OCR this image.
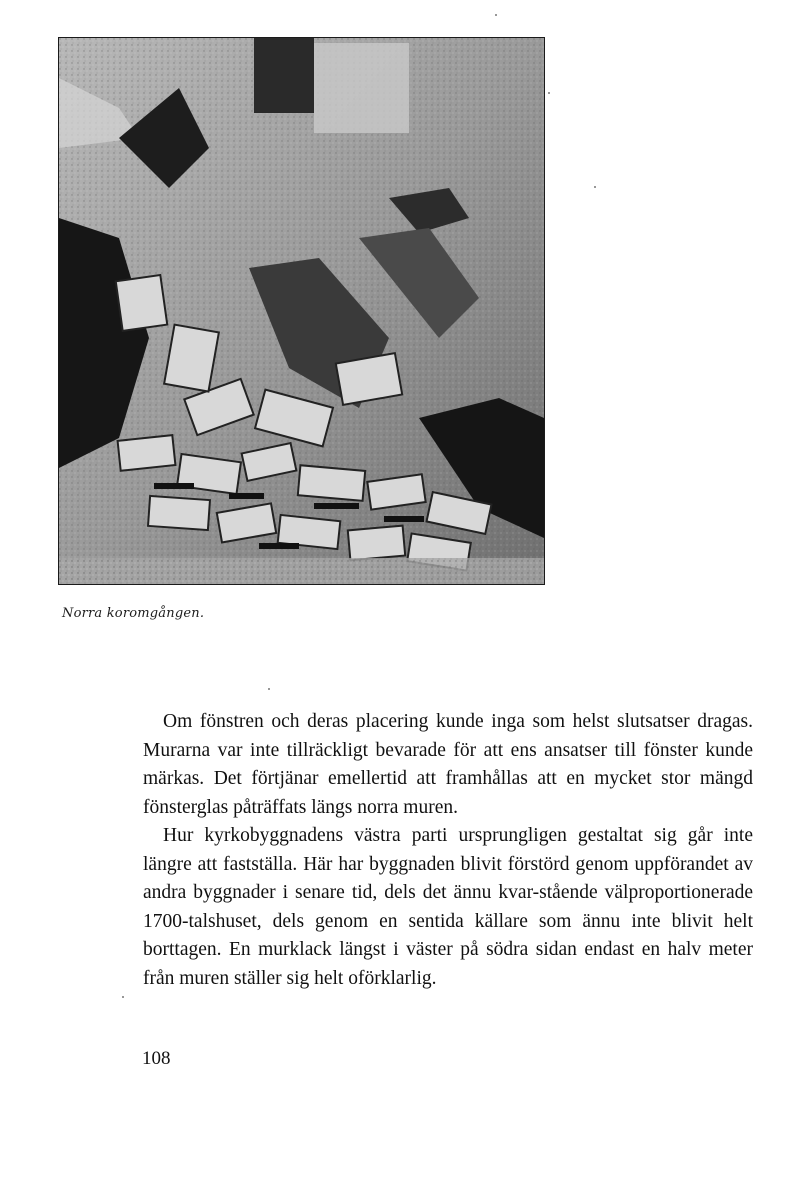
Norra koromgången.

Om fönstren och deras placering kunde inga som helst slutsatser dragas. Murarna var inte tillräckligt bevarade för att ens ansatser till fönster kunde märkas. Det förtjänar emellertid att framhållas att en mycket stor mängd fönsterglas påträffats längs norra muren.

Hur kyrkobyggnadens västra parti ursprungligen gestaltat sig går inte längre att fastställa. Här har byggnaden blivit förstörd genom uppförandet av andra byggnader i senare tid, dels det ännu kvar-stående välproportionerade 1700-talshuset, dels genom en sentida källare som ännu inte blivit helt borttagen. En murklack längst i väster på södra sidan endast en halv meter från muren ställer sig helt oförklarlig.

108
